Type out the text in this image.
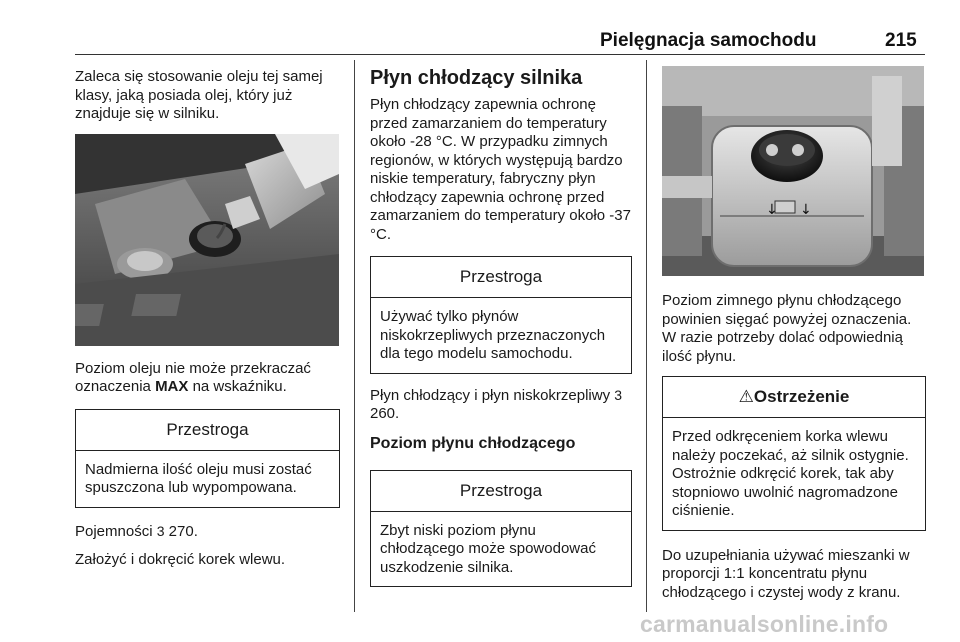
Pielęgnacja samochodu	215

Zaleca się stosowanie oleju tej samej klasy, jaką posiada olej, który już znajduje się w silniku.

Poziom oleju nie może przekraczać oznaczenia MAX na wskaźniku.

Przestroga
Nadmierna ilość oleju musi zostać spuszczona lub wypompowana.

Pojemności 3 270.

Założyć i dokręcić korek wlewu.

Płyn chłodzący silnika

Płyn chłodzący zapewnia ochronę przed zamarzaniem do temperatury około -28 °C. W przypadku zimnych regionów, w których występują bardzo niskie temperatury, fabryczny płyn chłodzący zapewnia ochronę przed zamarzaniem do temperatury około -37 °C.

Przestroga
Używać tylko płynów niskokrzepliwych przeznaczonych dla tego modelu samochodu.

Płyn chłodzący i płyn niskokrzepliwy 3 260.

Poziom płynu chłodzącego
Przestroga
Zbyt niski poziom płynu chłodzącego może spowodować uszkodzenie silnika.
↓ ↓

Poziom zimnego płynu chłodzącego powinien sięgać powyżej oznaczenia. W razie potrzeby dolać odpowiednią ilość płynu.

⚠Ostrzeżenie
Przed odkręceniem korka wlewu należy poczekać, aż silnik ostygnie. Ostrożnie odkręcić korek, tak aby stopniowo uwolnić nagromadzone ciśnienie.

Do uzupełniania używać mieszanki w proporcji 1:1 koncentratu płynu chłodzącego i czystej wody z kranu.

carmanualsonline.info
